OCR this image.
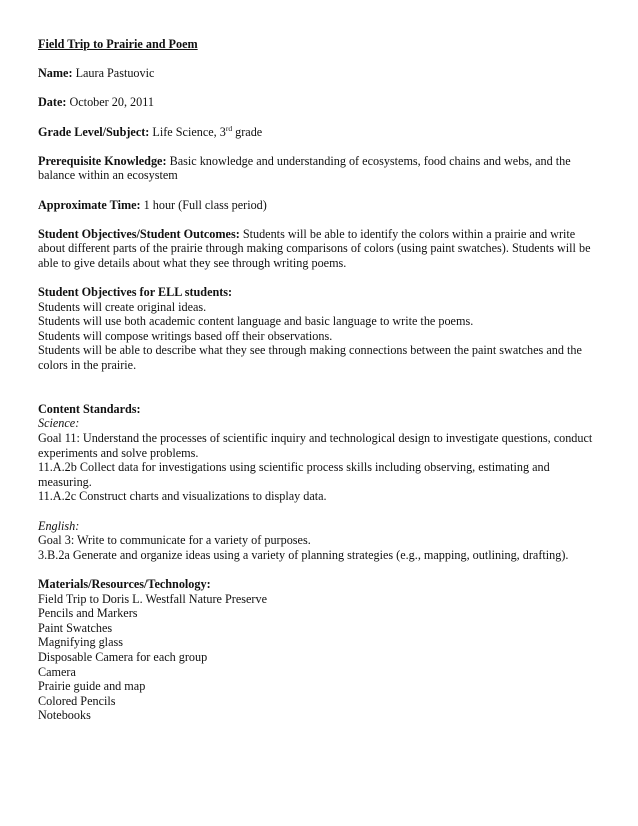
Field Trip to Prairie and Poem

Name: Laura Pastuovic

Date: October 20, 2011

Grade Level/Subject: Life Science, 3rd grade

Prerequisite Knowledge: Basic knowledge and understanding of ecosystems, food chains and webs, and the balance within an ecosystem

Approximate Time: 1 hour (Full class period)

Student Objectives/Student Outcomes: Students will be able to identify the colors within a prairie and write about different parts of the prairie through making comparisons of colors (using paint swatches). Students will be able to give details about what they see through writing poems.

Student Objectives for ELL students:
Students will create original ideas.
Students will use both academic content language and basic language to write the poems.
Students will compose writings based off their observations.
Students will be able to describe what they see through making connections between the paint swatches and the colors in the prairie.
Content Standards:
Science:
Goal 11: Understand the processes of scientific inquiry and technological design to investigate questions, conduct experiments and solve problems.
11.A.2b Collect data for investigations using scientific process skills including observing, estimating and measuring.
11.A.2c Construct charts and visualizations to display data.
English:
Goal 3: Write to communicate for a variety of purposes.
3.B.2a Generate and organize ideas using a variety of planning strategies (e.g., mapping, outlining, drafting).
Materials/Resources/Technology:
Field Trip to Doris L. Westfall Nature Preserve
Pencils and Markers
Paint Swatches
Magnifying glass
Disposable Camera for each group
Camera
Prairie guide and map
Colored Pencils
Notebooks
